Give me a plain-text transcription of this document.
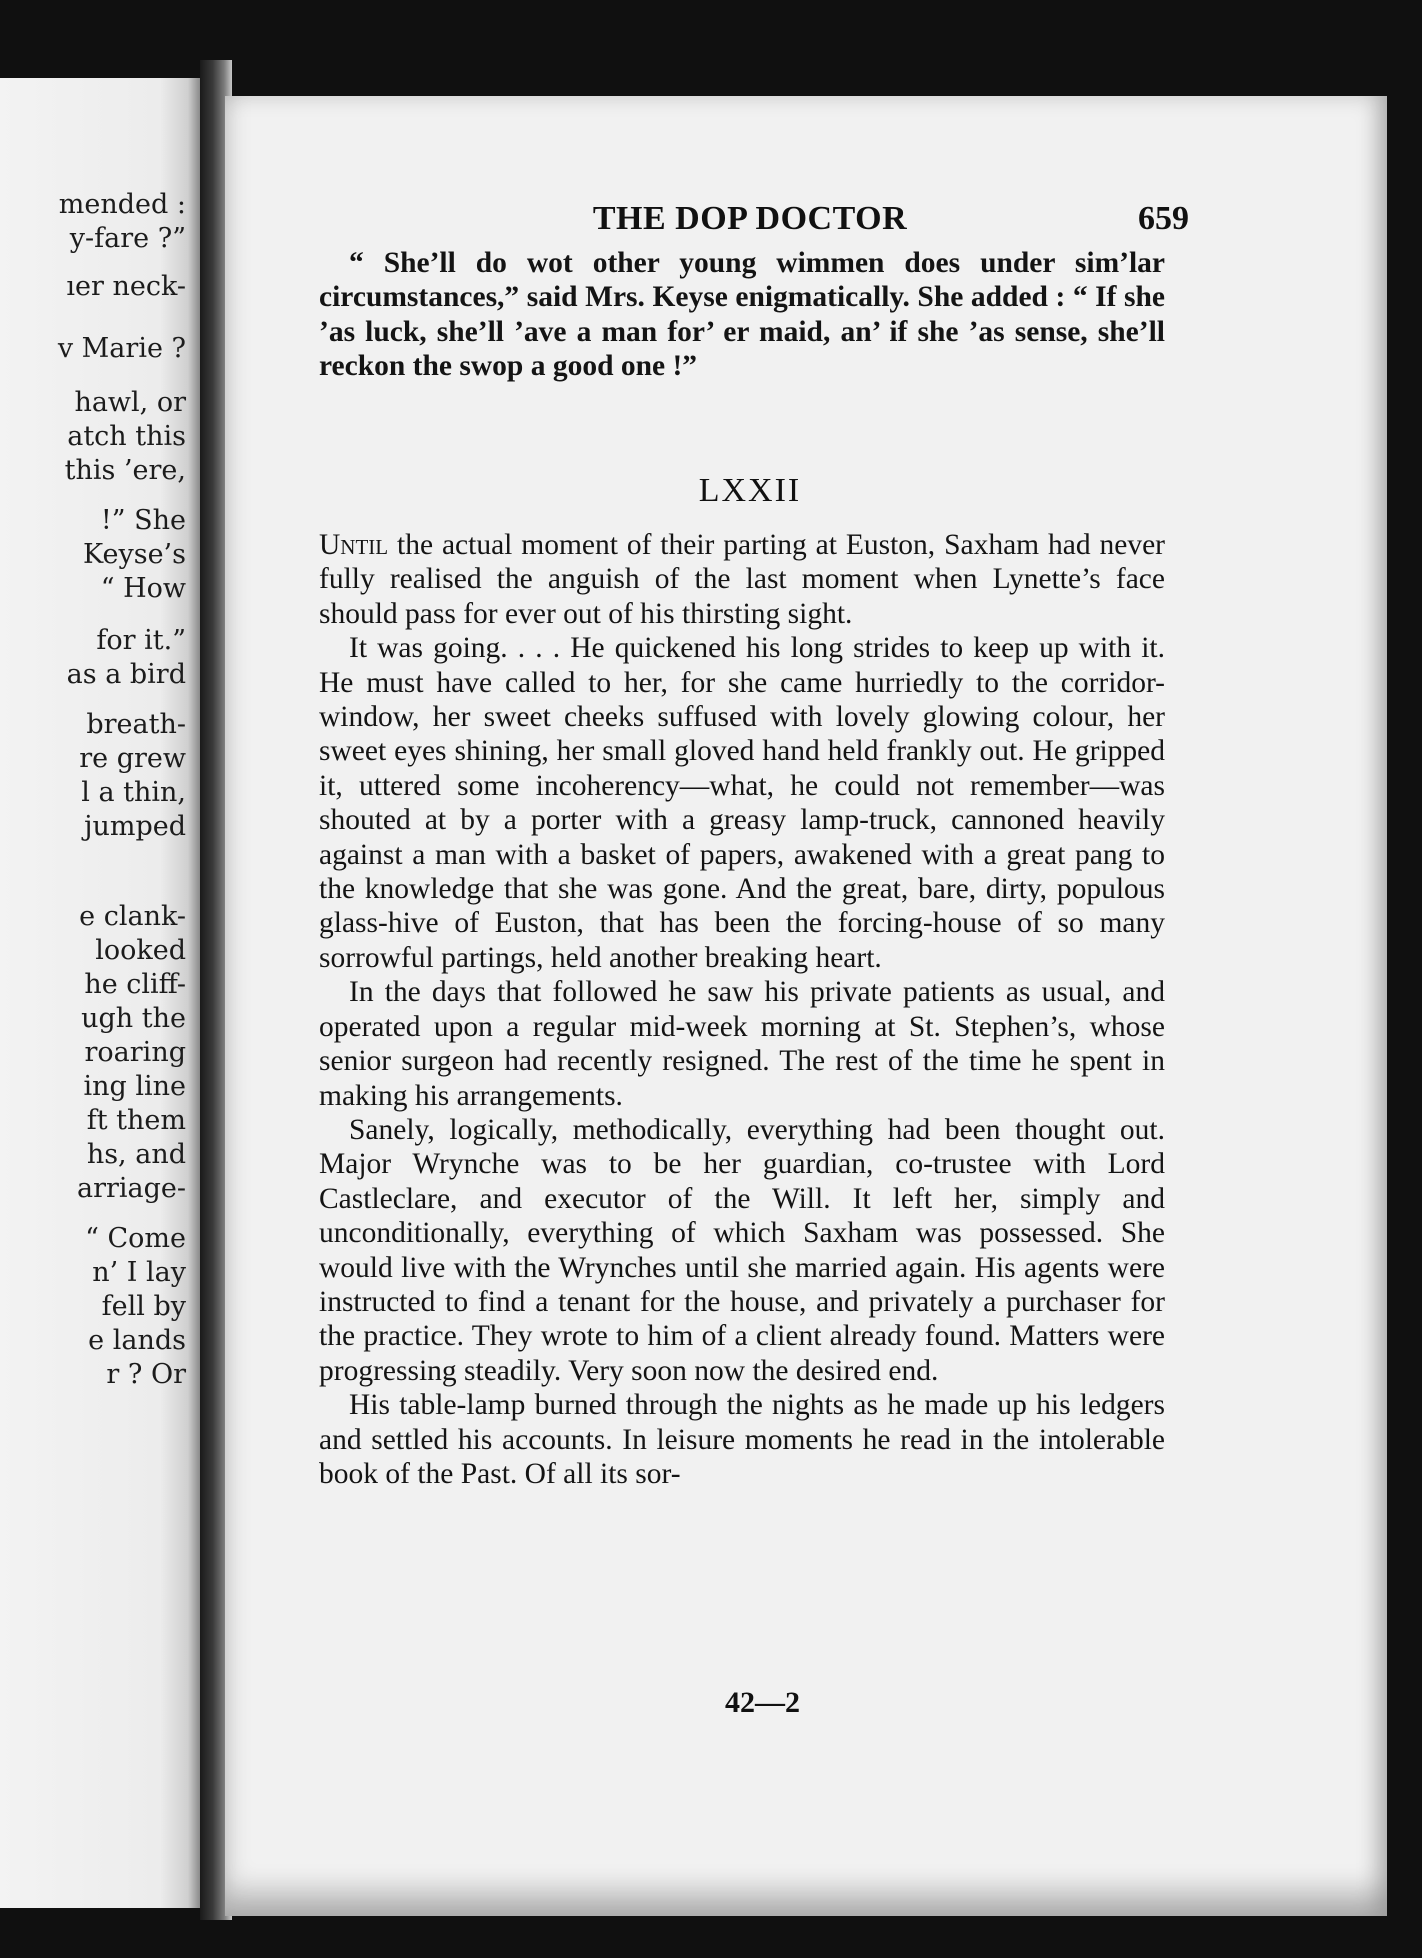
mended :
y-fare ?”
ıer neck-
v Marie ?
hawl, or
atch this
this ’ere,
!” She
Keyse’s
“ How
for it.”
as a bird
breath-
re grew
l a thin,
jumped
e clank-
looked
he cliff-
ugh the
roaring
ing line
ft them
hs, and
arriage-
“ Come
n’ I lay
fell by
e lands
r ? Or
THE DOP DOCTOR	659

“ She’ll do wot other young wimmen does under sim’lar circumstances,” said Mrs. Keyse enigmatically. She added : “ If she ’as luck, she’ll ’ave a man for’ er maid, an’ if she ’as sense, she’ll reckon the swop a good one !”

LXXII

Until the actual moment of their parting at Euston, Saxham had never fully realised the anguish of the last moment when Lynette’s face should pass for ever out of his thirsting sight.

It was going. . . . He quickened his long strides to keep up with it. He must have called to her, for she came hurriedly to the corridor-window, her sweet cheeks suffused with lovely glowing colour, her sweet eyes shining, her small gloved hand held frankly out. He gripped it, uttered some incoherency—what, he could not remember—was shouted at by a porter with a greasy lamp-truck, cannoned heavily against a man with a basket of papers, awakened with a great pang to the knowledge that she was gone. And the great, bare, dirty, populous glass-hive of Euston, that has been the forcing-house of so many sorrowful partings, held another breaking heart.

In the days that followed he saw his private patients as usual, and operated upon a regular mid-week morning at St. Stephen’s, whose senior surgeon had recently resigned. The rest of the time he spent in making his arrangements.

Sanely, logically, methodically, everything had been thought out. Major Wrynche was to be her guardian, co-trustee with Lord Castleclare, and executor of the Will. It left her, simply and unconditionally, everything of which Saxham was possessed. She would live with the Wrynches until she married again. His agents were instructed to find a tenant for the house, and privately a purchaser for the practice. They wrote to him of a client already found. Matters were progressing steadily. Very soon now the desired end.

His table-lamp burned through the nights as he made up his ledgers and settled his accounts. In leisure moments he read in the intolerable book of the Past. Of all its sor-

42—2
